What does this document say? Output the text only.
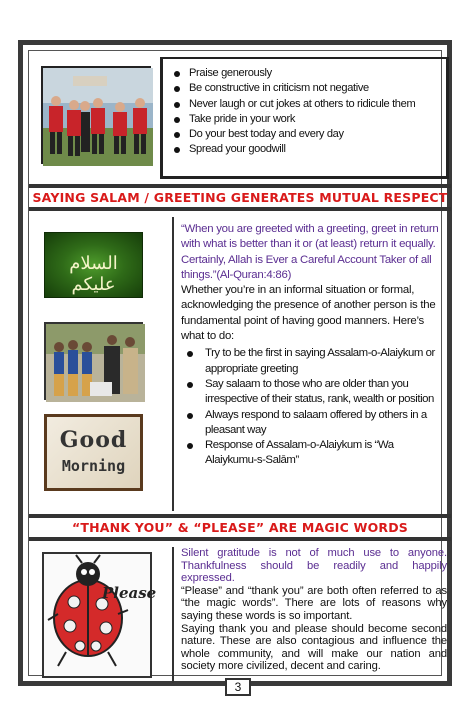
Praise generously
Be constructive in criticism not negative
Never laugh or cut jokes at others to ridicule them
Take pride in your work
Do your best today and every day
Spread your goodwill
SAYING SALAM / GREETING GENERATES MUTUAL RESPECT
السلام عليكم
Good
Morning

“When you are greeted with a greeting, greet in return with what is better than it or (at least) return it equally. Certainly, Allah is Ever a Careful Account Taker of all things.”(Al-Quran:4:86)

Whether you’re in an informal situation or formal, acknowledging the presence of another person is the fundamental point of having good manners. Here’s what to do:

Try to be the first in saying Assalam-o-Alaiykum or appropriate greeting
Say salaam to those who are older than you irrespective of their status, rank, wealth or position
Always respond to salaam offered by others in a pleasant way
Response of Assalam-o-Alaiykum is “Wa Alaiykumu-s-Salām”
“THANK YOU” & “PLEASE” ARE MAGIC WORDS
Please

Silent gratitude is not of much use to anyone. Thankfulness should be readily and happily expressed.

“Please” and “thank you” are both often referred to as “the magic words”. There are lots of reasons why saying these words is so important.

Saying thank you and please should become second nature. These are also contagious and influence the whole community, and will make our nation and society more civilized, decent and caring.

3
